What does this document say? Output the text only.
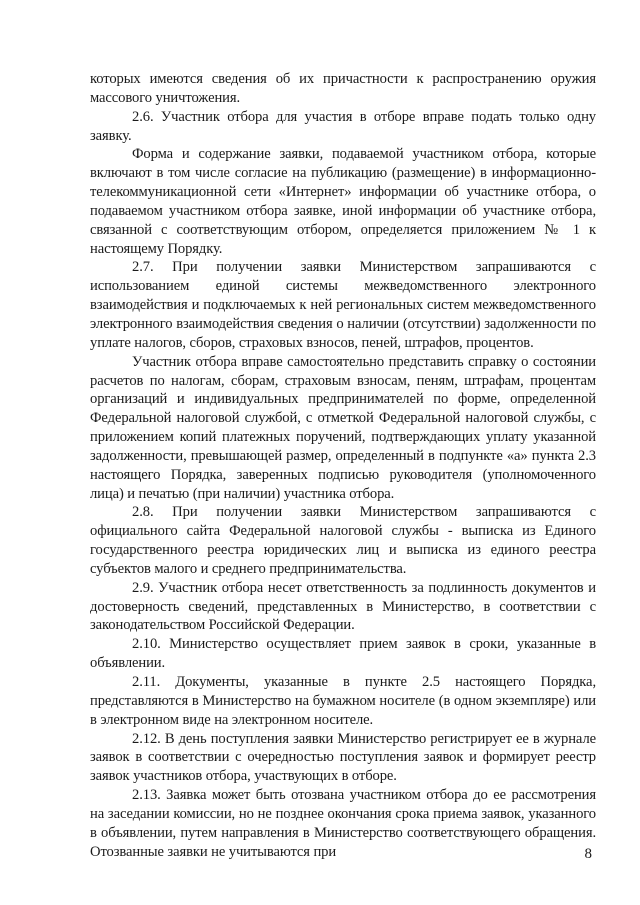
которых имеются сведения об их причастности к распространению оружия массового уничтожения.

2.6. Участник отбора для участия в отборе вправе подать только одну заявку.

Форма и содержание заявки, подаваемой участником отбора, которые включают в том числе согласие на публикацию (размещение) в информационно-телекоммуникационной сети «Интернет» информации об участнике отбора, о подаваемом участником отбора заявке, иной информации об участнике отбора, связанной с соответствующим отбором, определяется приложением № 1 к настоящему Порядку.

2.7. При получении заявки Министерством запрашиваются с использованием единой системы межведомственного электронного взаимодействия и подключаемых к ней региональных систем межведомственного электронного взаимодействия сведения о наличии (отсутствии) задолженности по уплате налогов, сборов, страховых взносов, пеней, штрафов, процентов.

Участник отбора вправе самостоятельно представить справку о состоянии расчетов по налогам, сборам, страховым взносам, пеням, штрафам, процентам организаций и индивидуальных предпринимателей по форме, определенной Федеральной налоговой службой, с отметкой Федеральной налоговой службы, с приложением копий платежных поручений, подтверждающих уплату указанной задолженности, превышающей размер, определенный в подпункте «а» пункта 2.3 настоящего Порядка, заверенных подписью руководителя (уполномоченного лица) и печатью (при наличии) участника отбора.

2.8. При получении заявки Министерством запрашиваются с официального сайта Федеральной налоговой службы - выписка из Единого государственного реестра юридических лиц и выписка из единого реестра субъектов малого и среднего предпринимательства.

2.9. Участник отбора несет ответственность за подлинность документов и достоверность сведений, представленных в Министерство, в соответствии с законодательством Российской Федерации.

2.10. Министерство осуществляет прием заявок в сроки, указанные в объявлении.

2.11. Документы, указанные в пункте 2.5 настоящего Порядка, представляются в Министерство на бумажном носителе (в одном экземпляре) или в электронном виде на электронном носителе.

2.12. В день поступления заявки Министерство регистрирует ее в журнале заявок в соответствии с очередностью поступления заявок и формирует реестр заявок участников отбора, участвующих в отборе.

2.13. Заявка может быть отозвана участником отбора до ее рассмотрения на заседании комиссии, но не позднее окончания срока приема заявок, указанного в объявлении, путем направления в Министерство соответствующего обращения. Отозванные заявки не учитываются при	8
